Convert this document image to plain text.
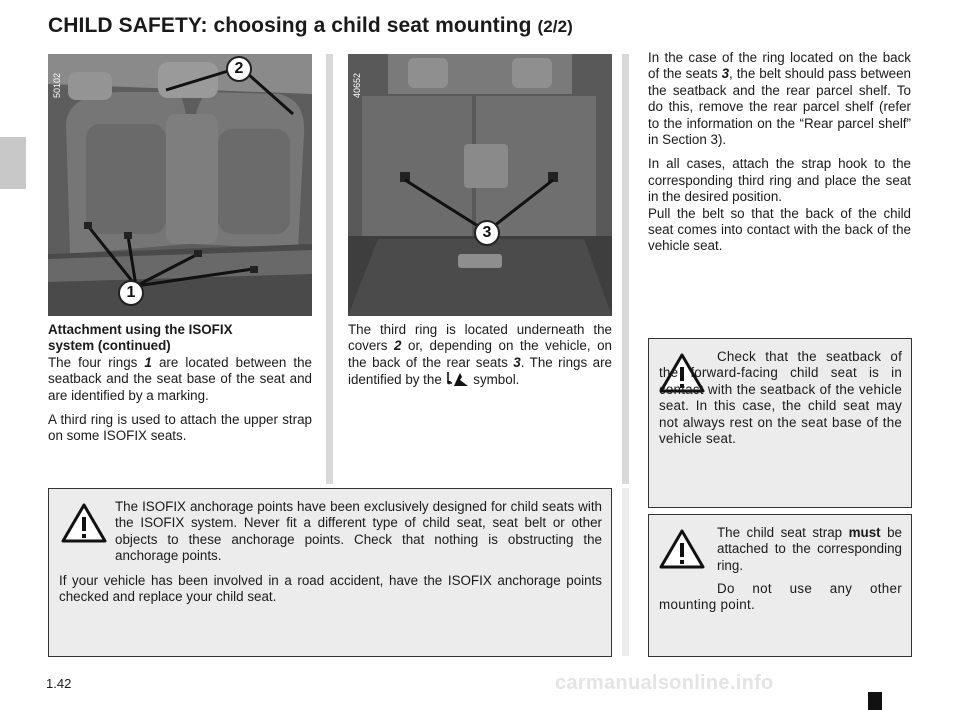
CHILD SAFETY: choosing a child seat mounting (2/2)
50102
2
1
40652
3
Attachment using the ISOFIX
system (continued)

The four rings 1 are located between the seatback and the seat base of the seat and are identified by a marking.

A third ring is used to attach the upper strap on some ISOFIX seats.

The third ring is located underneath the covers 2 or, depending on the vehicle, on the back of the rear seats 3. The rings are identified by the  symbol.

In the case of the ring located on the back of the seats 3, the belt should pass between the seatback and the rear parcel shelf. To do this, remove the rear parcel shelf (refer to the information on the “Rear parcel shelf” in Section 3).

In all cases, attach the strap hook to the corresponding third ring and place the seat in the desired position.

Pull the belt so that the back of the child seat comes into contact with the back of the vehicle seat.

Check that the seatback of the forward-facing child seat is in contact with the seatback of the vehicle seat. In this case, the child seat may not always rest on the seat base of the vehicle seat.

The child seat strap must be attached to the corresponding ring.

Do not use any other mounting point.

The ISOFIX anchorage points have been exclusively designed for child seats with the ISOFIX system. Never fit a different type of child seat, seat belt or other objects to these anchorage points. Check that nothing is obstructing the anchorage points.

If your vehicle has been involved in a road accident, have the ISOFIX anchorage points checked and replace your child seat.

1.42	carmanualsonline.info
